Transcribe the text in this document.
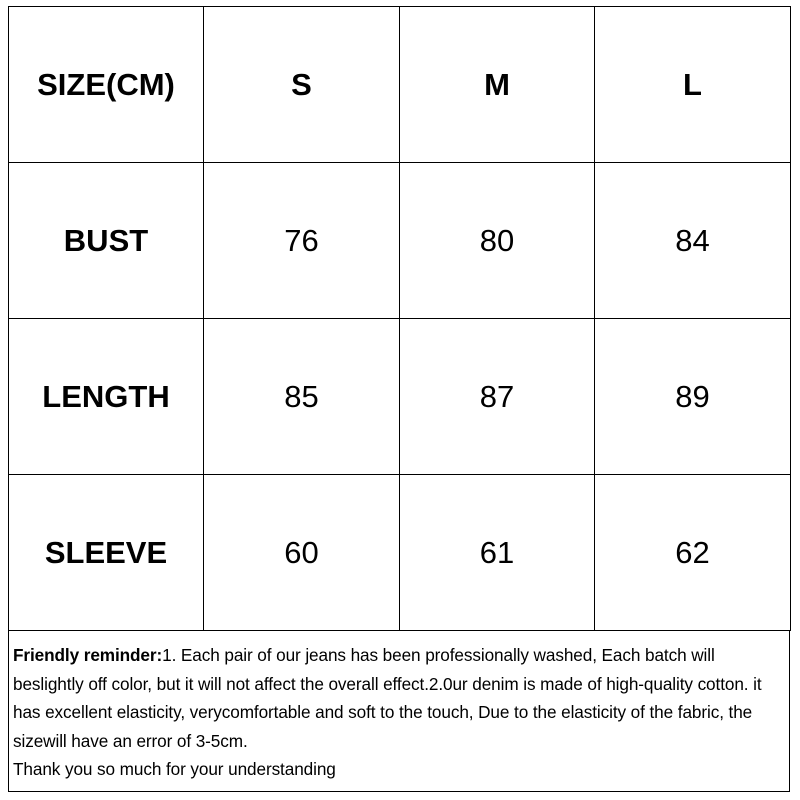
SIZE(CM)	S	M	L
BUST	76	80	84
LENGTH	85	87	89
SLEEVE	60	61	62
Friendly reminder:1. Each pair of our jeans has been professionally washed, Each batch will beslightly off color, but it will not affect the overall effect.2.0ur denim is made of high-quality cotton. it has excellent elasticity, verycomfortable and soft to the touch, Due to the elasticity of the fabric, the sizewill have an error of 3-5cm.
Thank you so much for your understanding
